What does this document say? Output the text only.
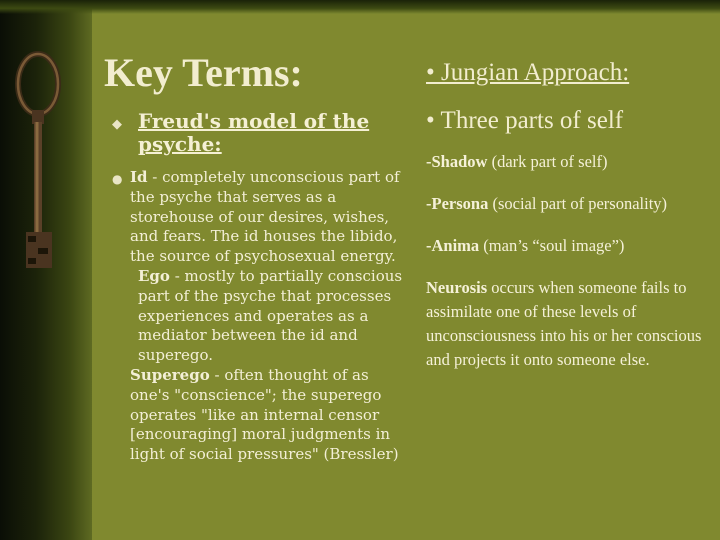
Key Terms:
◆ Freud's model of the psyche:
● Id - completely unconscious part of the psyche that serves as a storehouse of our desires, wishes, and fears. The id houses the libido, the source of psychosexual energy.

Ego - mostly to partially conscious part of the psyche that processes experiences and operates as a mediator between the id and superego.

Superego - often thought of as one's "conscience"; the superego operates "like an internal censor [encouraging] moral judgments in light of social pressures" (Bressler)

• Jungian Approach:

• Three parts of self

-Shadow (dark part of self)

-Persona (social part of personality)

-Anima (man’s “soul image”)

Neurosis occurs when someone fails to assimilate one of these levels of unconsciousness into his or her conscious and projects it onto someone else.
